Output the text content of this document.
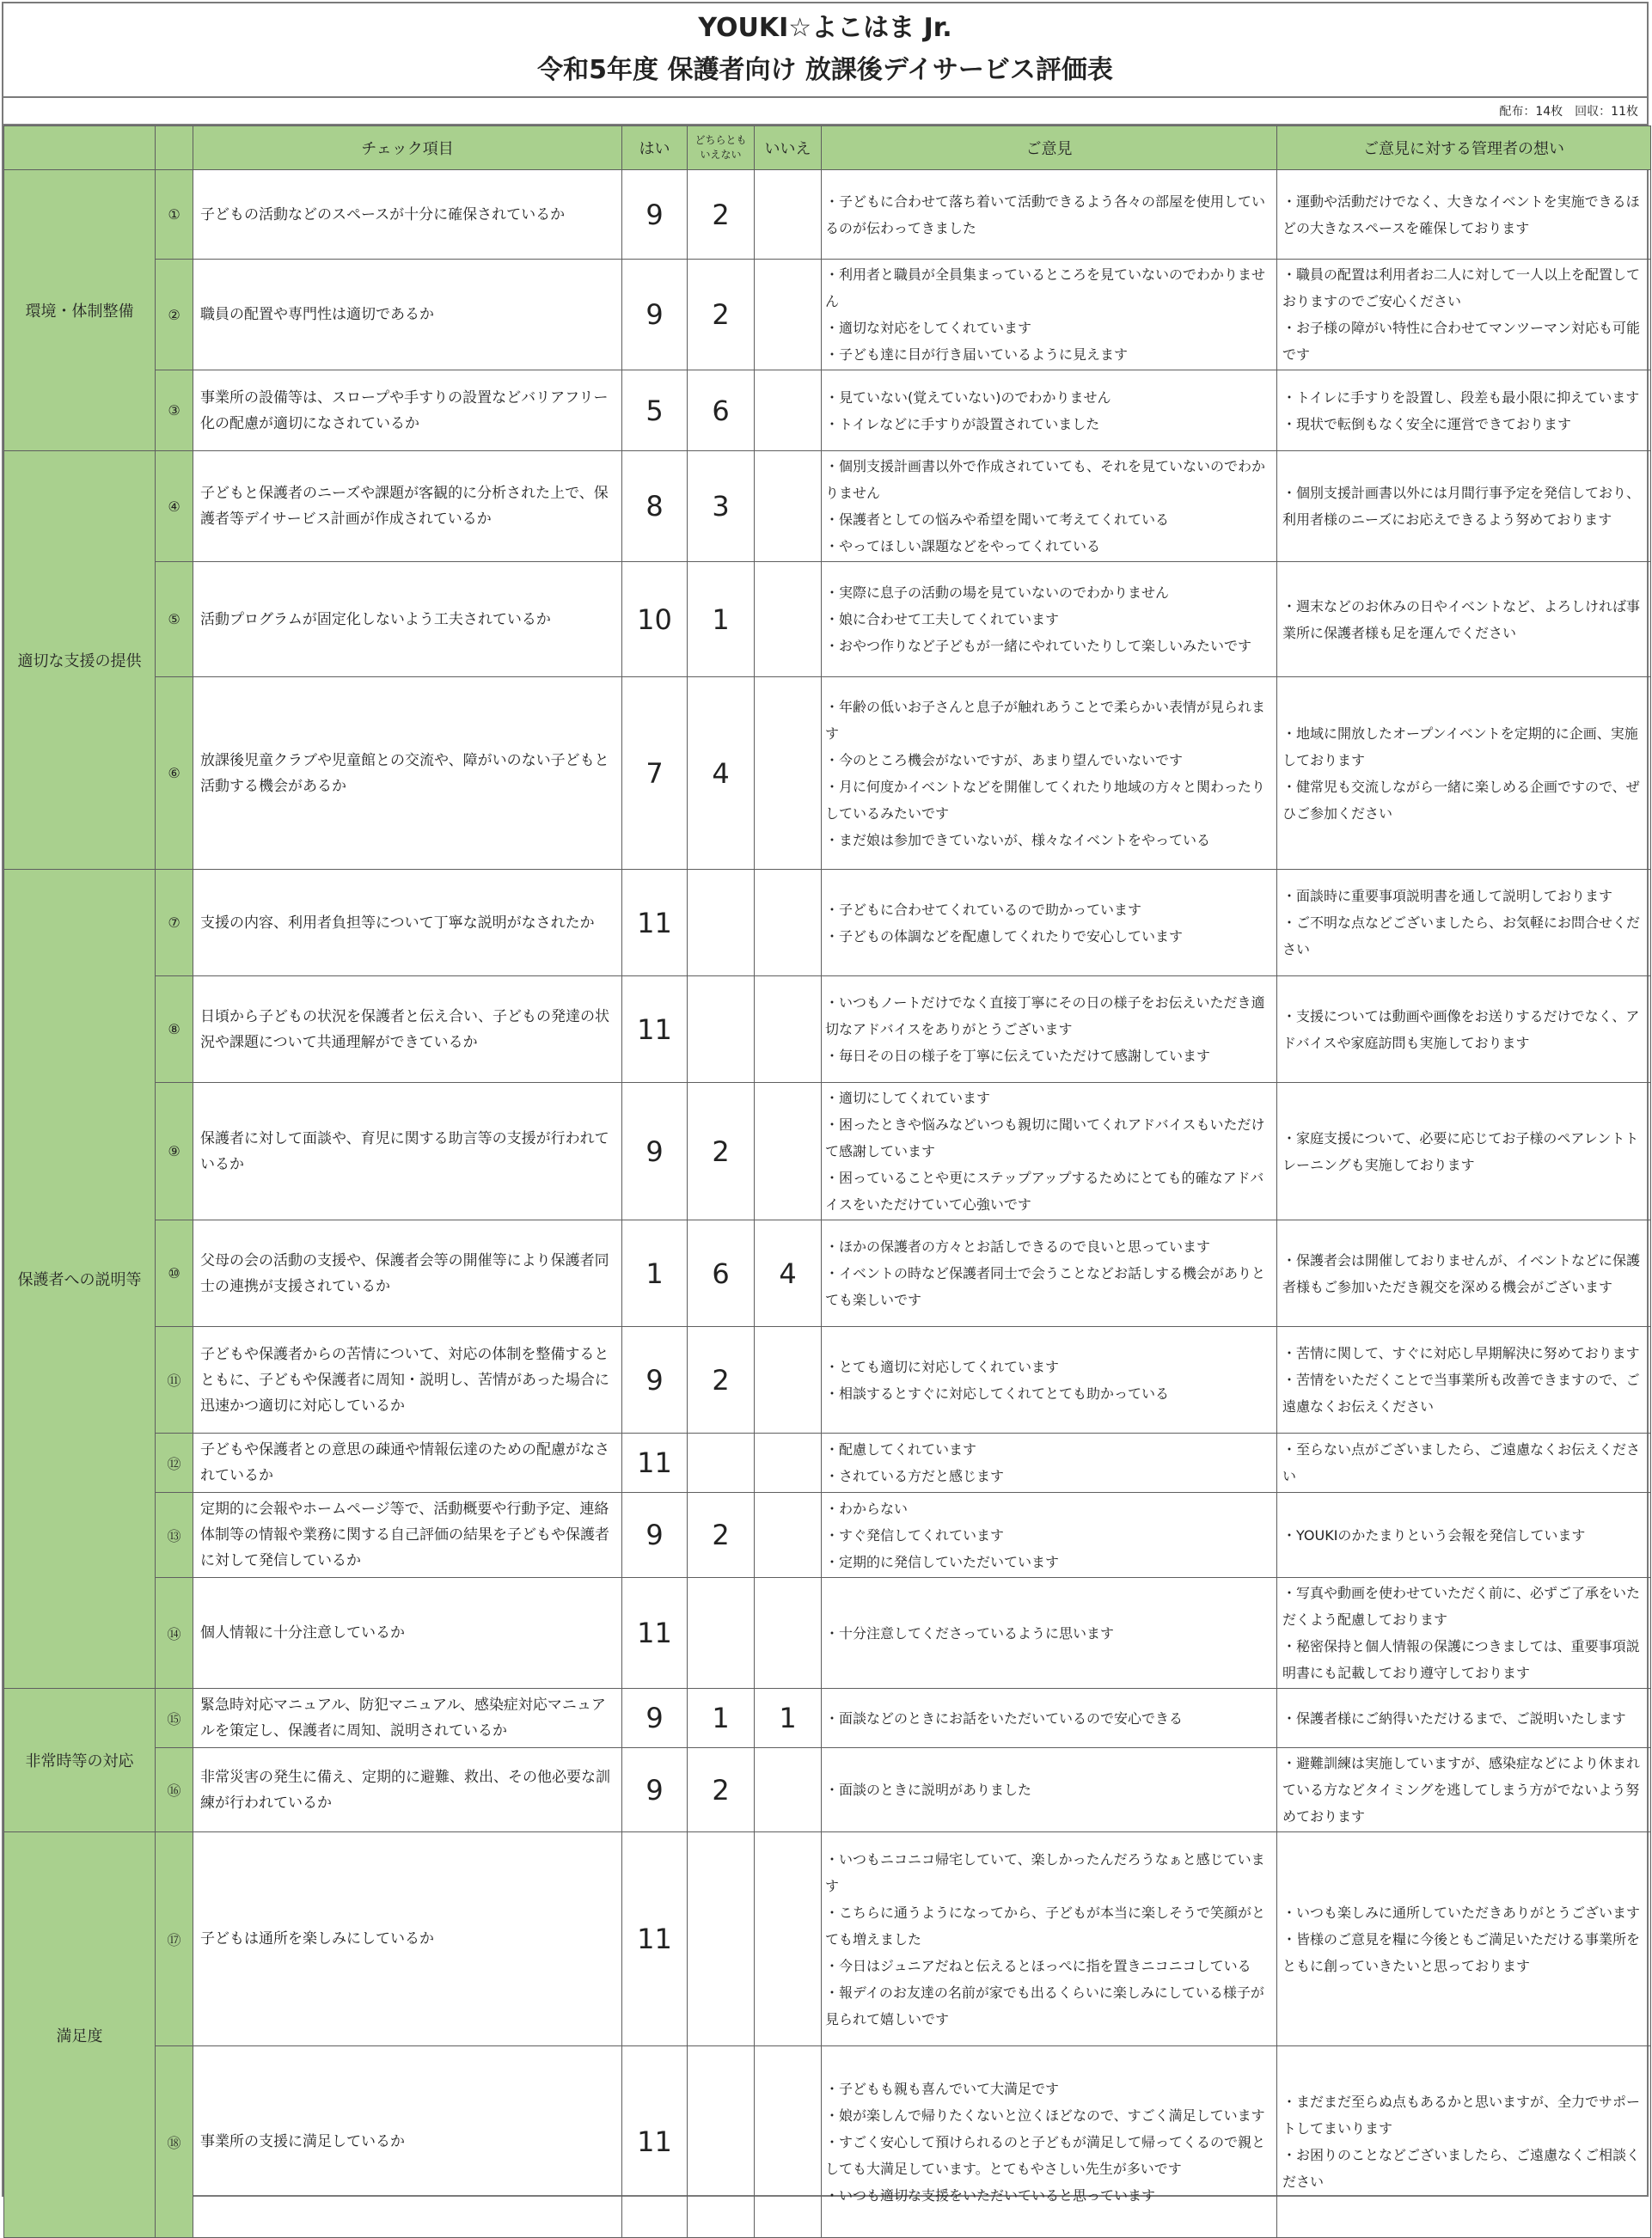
YOUKI☆よこはま Jr.
令和5年度 保護者向け 放課後デイサービス評価表
配布：14枚　回収：11枚
		チェック項目	はい	どちらとも
いえない	いいえ	ご意見	ご意見に対する管理者の想い
環境・体制整備	①	子どもの活動などのスペースが十分に確保されているか	9	2		・子どもに合わせて落ち着いて活動できるよう各々の部屋を使用しているのが伝わってきました	・運動や活動だけでなく、大きなイベントを実施できるほどの大きなスペースを確保しております

	②	職員の配置や専門性は適切であるか	9	2		・利用者と職員が全員集まっているところを見ていないのでわかりません
・適切な対応をしてくれています
・子ども達に目が行き届いているように見えます	・職員の配置は利用者お二人に対して一人以上を配置しておりますのでご安心ください
・お子様の障がい特性に合わせてマンツーマン対応も可能です

	③	事業所の設備等は、スロープや手すりの設置などバリアフリー化の配慮が適切になされているか	5	6		・見ていない(覚えていない)のでわかりません
・トイレなどに手すりが設置されていました	・トイレに手すりを設置し、段差も最小限に抑えています
・現状で転倒もなく安全に運営できております

適切な支援の提供	④	子どもと保護者のニーズや課題が客観的に分析された上で、保護者等デイサービス計画が作成されているか	8	3		・個別支援計画書以外で作成されていても、それを見ていないのでわかりません
・保護者としての悩みや希望を聞いて考えてくれている
・やってほしい課題などをやってくれている	・個別支援計画書以外には月間行事予定を発信しており、利用者様のニーズにお応えできるよう努めております

	⑤	活動プログラムが固定化しないよう工夫されているか	10	1		・実際に息子の活動の場を見ていないのでわかりません
・娘に合わせて工夫してくれています
・おやつ作りなど子どもが一緒にやれていたりして楽しいみたいです	・週末などのお休みの日やイベントなど、よろしければ事業所に保護者様も足を運んでください

	⑥	放課後児童クラブや児童館との交流や、障がいのない子どもと活動する機会があるか	7	4		・年齢の低いお子さんと息子が触れあうことで柔らかい表情が見られます
・今のところ機会がないですが、あまり望んでいないです
・月に何度かイベントなどを開催してくれたり地域の方々と関わったりしているみたいです
・まだ娘は参加できていないが、様々なイベントをやっている	・地域に開放したオープンイベントを定期的に企画、実施しております
・健常児も交流しながら一緒に楽しめる企画ですので、ぜひご参加ください

保護者への説明等	⑦	支援の内容、利用者負担等について丁寧な説明がなされたか	11			・子どもに合わせてくれているので助かっています
・子どもの体調などを配慮してくれたりで安心しています	・面談時に重要事項説明書を通して説明しております
・ご不明な点などございましたら、お気軽にお問合せください

	⑧	日頃から子どもの状況を保護者と伝え合い、子どもの発達の状況や課題について共通理解ができているか	11			・いつもノートだけでなく直接丁寧にその日の様子をお伝えいただき適切なアドバイスをありがとうございます
・毎日その日の様子を丁寧に伝えていただけて感謝しています	・支援については動画や画像をお送りするだけでなく、アドバイスや家庭訪問も実施しております

	⑨	保護者に対して面談や、育児に関する助言等の支援が行われているか	9	2		・適切にしてくれています
・困ったときや悩みなどいつも親切に聞いてくれアドバイスもいただけて感謝しています
・困っていることや更にステップアップするためにとても的確なアドバイスをいただけていて心強いです	・家庭支援について、必要に応じてお子様のペアレントトレーニングも実施しております

	⑩	父母の会の活動の支援や、保護者会等の開催等により保護者同士の連携が支援されているか	1	6	4	・ほかの保護者の方々とお話しできるので良いと思っています
・イベントの時など保護者同士で会うことなどお話しする機会がありとても楽しいです	・保護者会は開催しておりませんが、イベントなどに保護者様もご参加いただき親交を深める機会がございます

	⑪	子どもや保護者からの苦情について、対応の体制を整備するとともに、子どもや保護者に周知・説明し、苦情があった場合に迅速かつ適切に対応しているか	9	2		・とても適切に対応してくれています
・相談するとすぐに対応してくれてとても助かっている	・苦情に関して、すぐに対応し早期解決に努めております
・苦情をいただくことで当事業所も改善できますので、ご遠慮なくお伝えください

	⑫	子どもや保護者との意思の疎通や情報伝達のための配慮がなされているか	11			・配慮してくれています
・されている方だと感じます	・至らない点がございましたら、ご遠慮なくお伝えください

	⑬	定期的に会報やホームページ等で、活動概要や行動予定、連絡体制等の情報や業務に関する自己評価の結果を子どもや保護者に対して発信しているか	9	2		・わからない
・すぐ発信してくれています
・定期的に発信していただいています	・YOUKIのかたまりという会報を発信しています

	⑭	個人情報に十分注意しているか	11			・十分注意してくださっているように思います	・写真や動画を使わせていただく前に、必ずご了承をいただくよう配慮しております
・秘密保持と個人情報の保護につきましては、重要事項説明書にも記載しており遵守しております

非常時等の対応	⑮	緊急時対応マニュアル、防犯マニュアル、感染症対応マニュアルを策定し、保護者に周知、説明されているか	9	1	1	・面談などのときにお話をいただいているので安心できる	・保護者様にご納得いただけるまで、ご説明いたします

	⑯	非常災害の発生に備え、定期的に避難、救出、その他必要な訓練が行われているか	9	2		・面談のときに説明がありました	・避難訓練は実施していますが、感染症などにより休まれている方などタイミングを逃してしまう方がでないよう努めております

満足度	⑰	子どもは通所を楽しみにしているか	11			・いつもニコニコ帰宅していて、楽しかったんだろうなぁと感じています
・こちらに通うようになってから、子どもが本当に楽しそうで笑顔がとても増えました
・今日はジュニアだねと伝えるとほっぺに指を置きニコニコしている
・報デイのお友達の名前が家でも出るくらいに楽しみにしている様子が見られて嬉しいです	・いつも楽しみに通所していただきありがとうございます
・皆様のご意見を糧に今後ともご満足いただける事業所をともに創っていきたいと思っております

	⑱	事業所の支援に満足しているか	11			・子どもも親も喜んでいて大満足です
・娘が楽しんで帰りたくないと泣くほどなので、すごく満足しています
・すごく安心して預けられるのと子どもが満足して帰ってくるので親としても大満足しています。とてもやさしい先生が多いです
・いつも適切な支援をいただいていると思っています	・まだまだ至らぬ点もあるかと思いますが、全力でサポートしてまいります
・お困りのことなどございましたら、ご遠慮なくご相談ください
